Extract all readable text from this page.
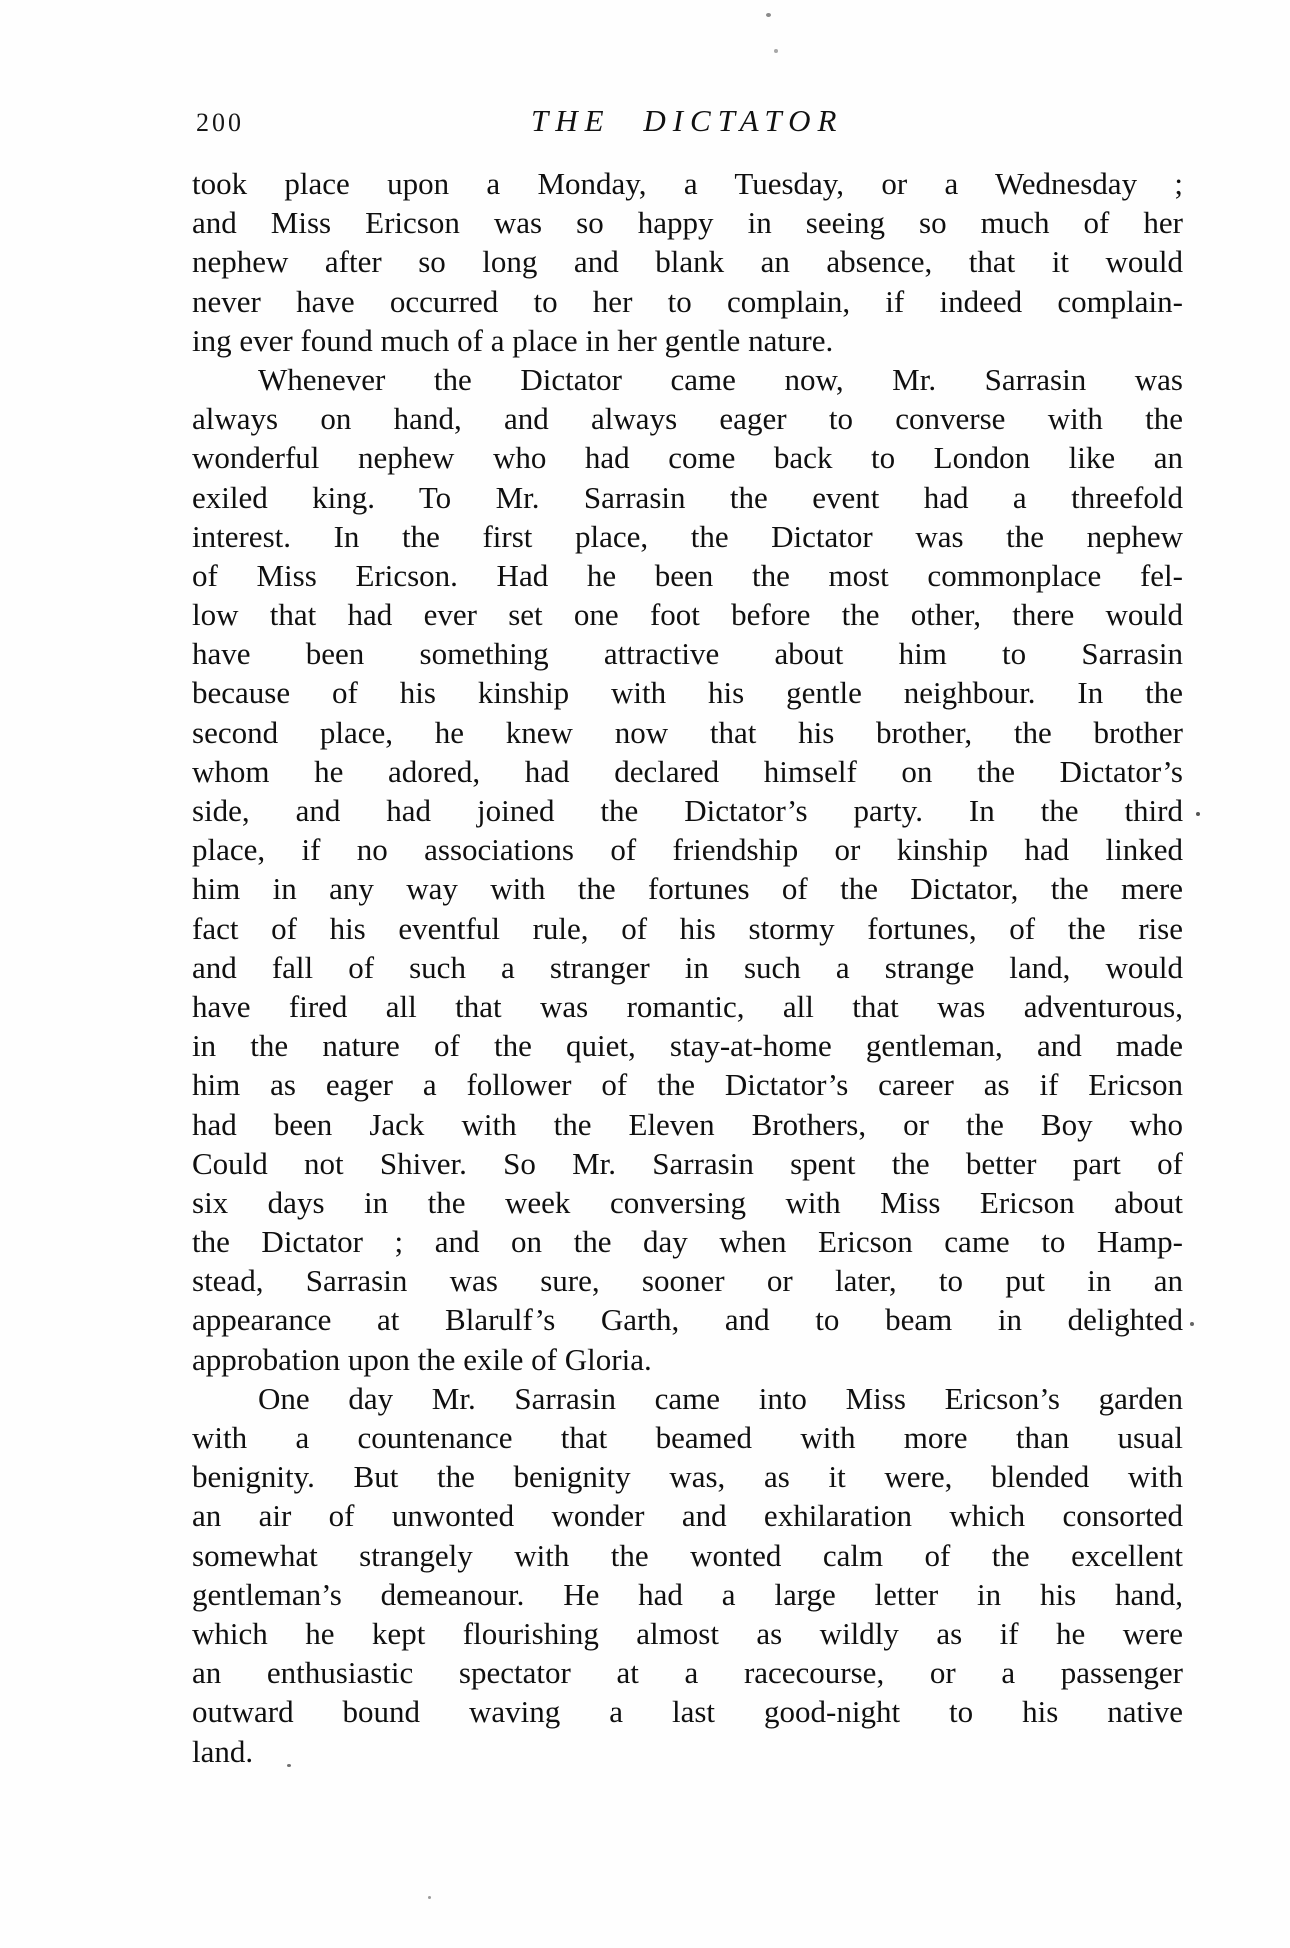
200	THE DICTATOR
took place upon a Monday, a Tuesday, or a Wednesday ;
and Miss Ericson was so happy in seeing so much of her
nephew after so long and blank an absence, that it would
never have occurred to her to complain, if indeed complain-
ing ever found much of a place in her gentle nature.
Whenever the Dictator came now, Mr. Sarrasin was
always on hand, and always eager to converse with the
wonderful nephew who had come back to London like an
exiled king. To Mr. Sarrasin the event had a threefold
interest. In the first place, the Dictator was the nephew
of Miss Ericson. Had he been the most commonplace fel-
low that had ever set one foot before the other, there would
have been something attractive about him to Sarrasin
because of his kinship with his gentle neighbour. In the
second place, he knew now that his brother, the brother
whom he adored, had declared himself on the Dictator’s
side, and had joined the Dictator’s party. In the third
place, if no associations of friendship or kinship had linked
him in any way with the fortunes of the Dictator, the mere
fact of his eventful rule, of his stormy fortunes, of the rise
and fall of such a stranger in such a strange land, would
have fired all that was romantic, all that was adventurous,
in the nature of the quiet, stay-at-home gentleman, and made
him as eager a follower of the Dictator’s career as if Ericson
had been Jack with the Eleven Brothers, or the Boy who
Could not Shiver. So Mr. Sarrasin spent the better part of
six days in the week conversing with Miss Ericson about
the Dictator ; and on the day when Ericson came to Hamp-
stead, Sarrasin was sure, sooner or later, to put in an
appearance at Blarulf’s Garth, and to beam in delighted
approbation upon the exile of Gloria.
One day Mr. Sarrasin came into Miss Ericson’s garden
with a countenance that beamed with more than usual
benignity. But the benignity was, as it were, blended with
an air of unwonted wonder and exhilaration which consorted
somewhat strangely with the wonted calm of the excellent
gentleman’s demeanour. He had a large letter in his hand,
which he kept flourishing almost as wildly as if he were
an enthusiastic spectator at a racecourse, or a passenger
outward bound waving a last good-night to his native
land.
